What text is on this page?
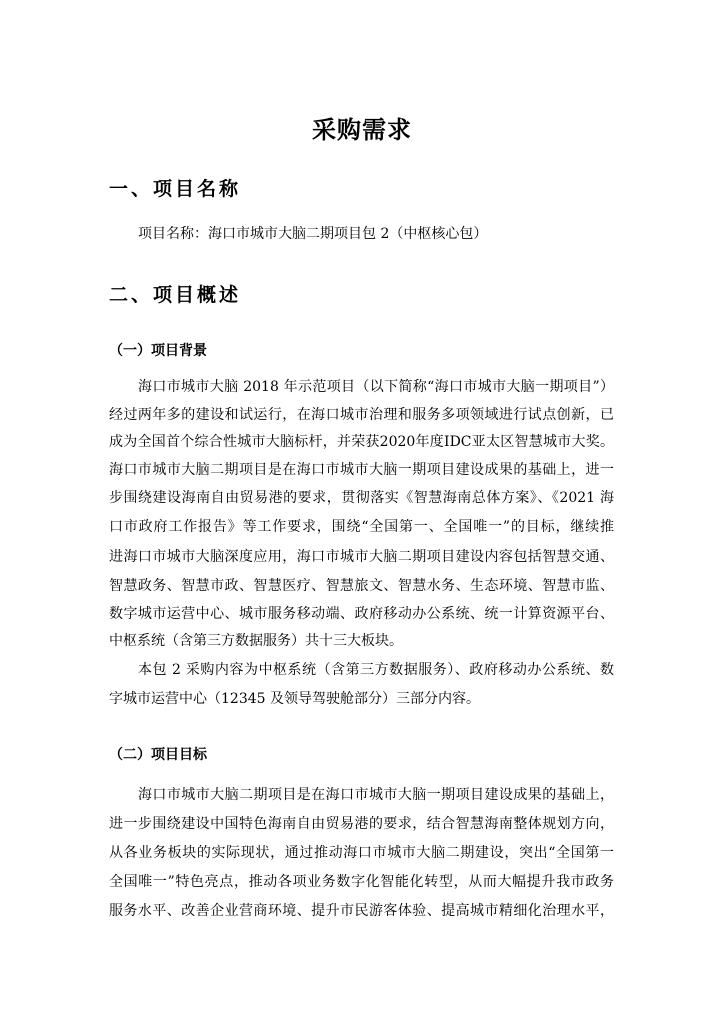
采购需求
一、项目名称
项目名称：海口市城市大脑二期项目包 2（中枢核心包）
二、项目概述
（一）项目背景
海口市城市大脑 2018 年示范项目（以下简称“海口市城市大脑一期项目”）
经过两年多的建设和试运行，在海口城市治理和服务多项领域进行试点创新，已
成为全国首个综合性城市大脑标杆，并荣获2020年度IDC亚太区智慧城市大奖。
海口市城市大脑二期项目是在海口市城市大脑一期项目建设成果的基础上，进一
步围绕建设海南自由贸易港的要求，贯彻落实《智慧海南总体方案》、《2021 海
口市政府工作报告》等工作要求，围绕“全国第一、全国唯一”的目标，继续推
进海口市城市大脑深度应用，海口市城市大脑二期项目建设内容包括智慧交通、
智慧政务、智慧市政、智慧医疗、智慧旅文、智慧水务、生态环境、智慧市监、
数字城市运营中心、城市服务移动端、政府移动办公系统、统一计算资源平台、
中枢系统（含第三方数据服务）共十三大板块。
本包 2 采购内容为中枢系统（含第三方数据服务）、政府移动办公系统、数
字城市运营中心（12345 及领导驾驶舱部分）三部分内容。
（二）项目目标
海口市城市大脑二期项目是在海口市城市大脑一期项目建设成果的基础上，
进一步围绕建设中国特色海南自由贸易港的要求，结合智慧海南整体规划方向，
从各业务板块的实际现状，通过推动海口市城市大脑二期建设，突出“全国第一
全国唯一”特色亮点，推动各项业务数字化智能化转型，从而大幅提升我市政务
服务水平、改善企业营商环境、提升市民游客体验、提高城市精细化治理水平，
